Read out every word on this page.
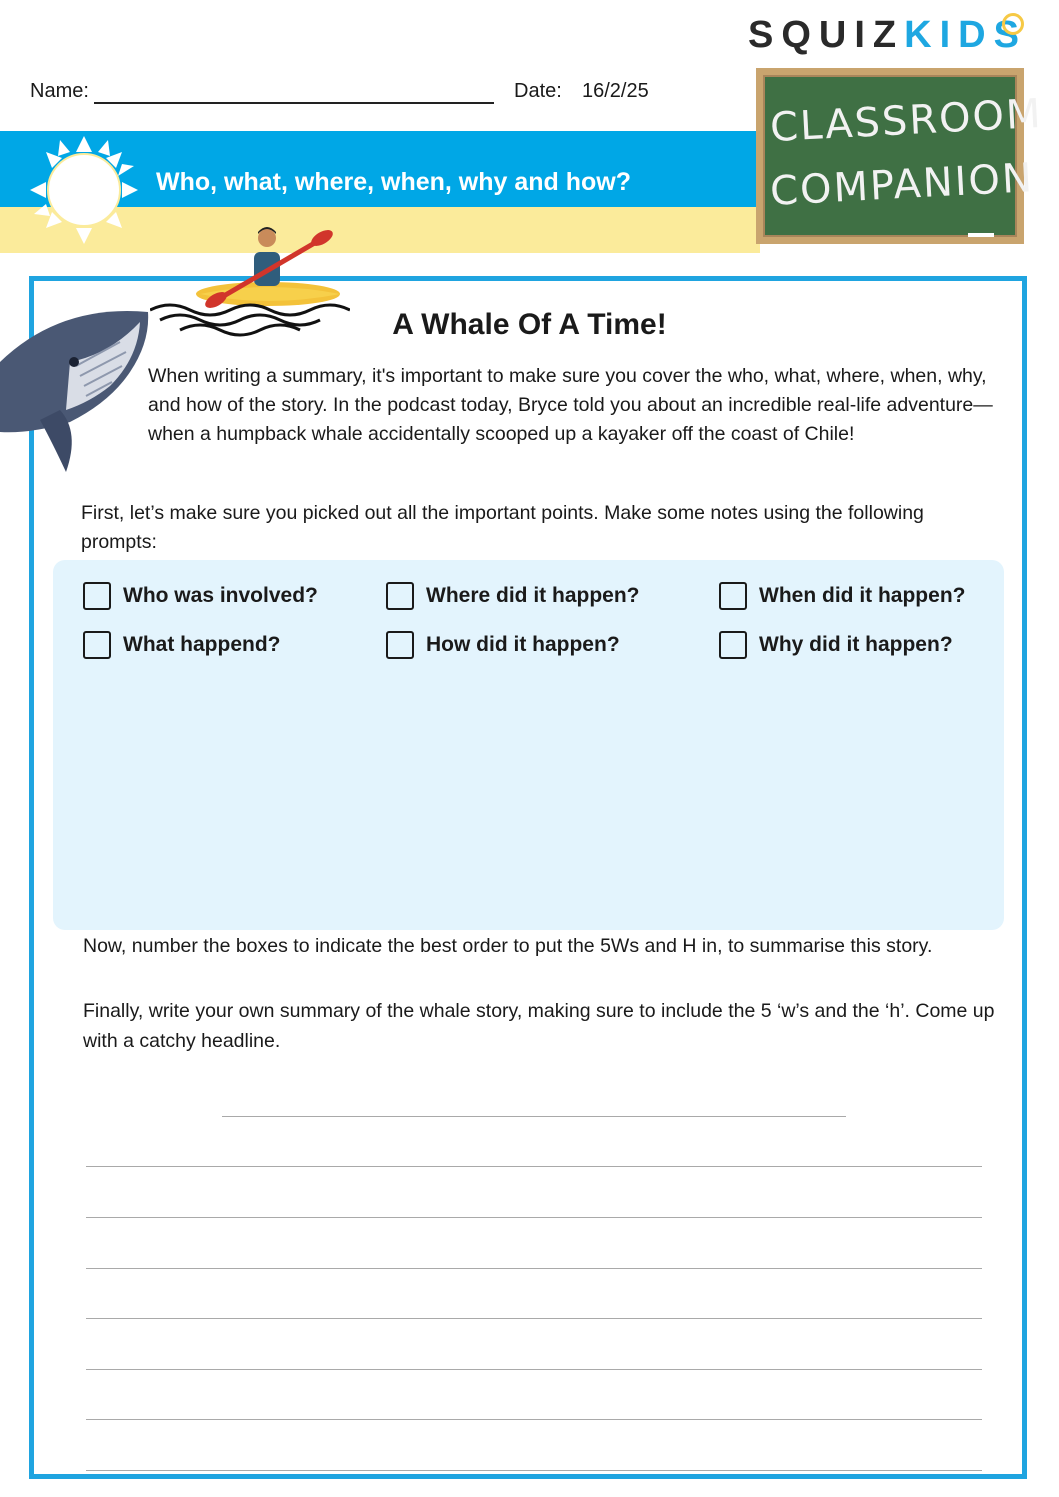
Name:	Date: 16/2/25
SQUIZKIDS
Who, what, where, when, why and how?
CLASSROOM
COMPANION
A Whale Of A Time!
When writing a summary, it's important to make sure you cover the who, what, where, when, why, and how of the story. In the podcast today, Bryce told you about an incredible real-life adventure—when a humpback whale accidentally scooped up a kayaker off the coast of Chile!
First, let’s make sure you picked out all the important points. Make some notes using the following prompts:
Who was involved?	Where did it happen?	When did it happen?
What happend?	How did it happen?	Why did it happen?
Now, number the boxes to indicate the best order to put the 5Ws and H in, to summarise this story.
Finally, write your own summary of the whale story, making sure to include the 5 ‘w’s and the ‘h’. Come up with a catchy headline.
